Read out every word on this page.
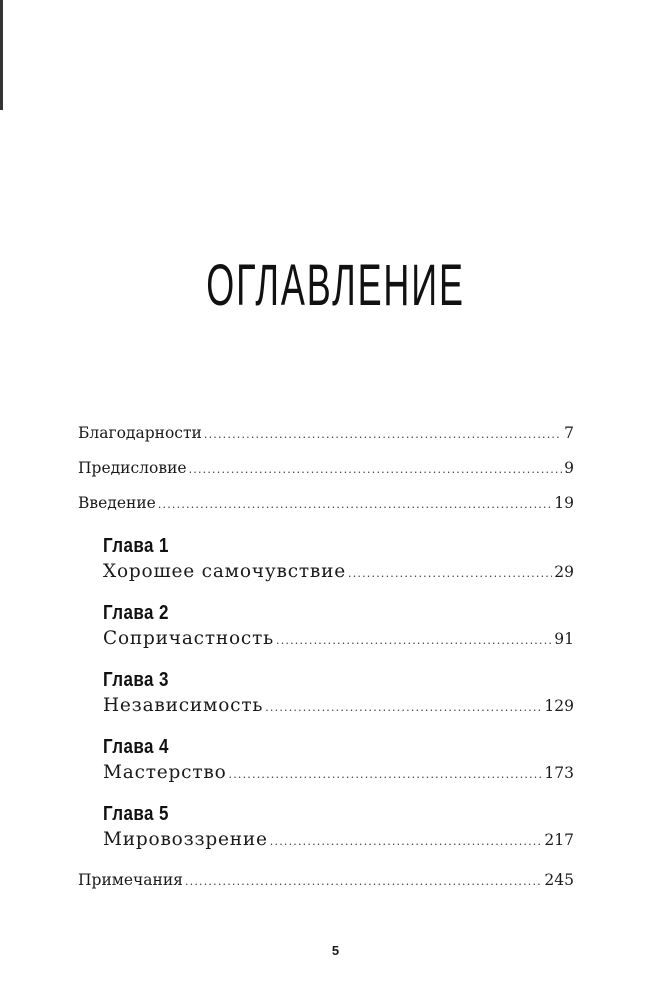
ОГЛАВЛЕНИЕ
Благодарности .....	7
Предисловие .....	9
Введение .....	19
Глава 1
Хорошее самочувствие .....	29
Глава 2
Сопричастность .....	91
Глава 3
Независимость .....	129
Глава 4
Мастерство .....	173
Глава 5
Мировоззрение .....	217
Примечания .....	245
5
